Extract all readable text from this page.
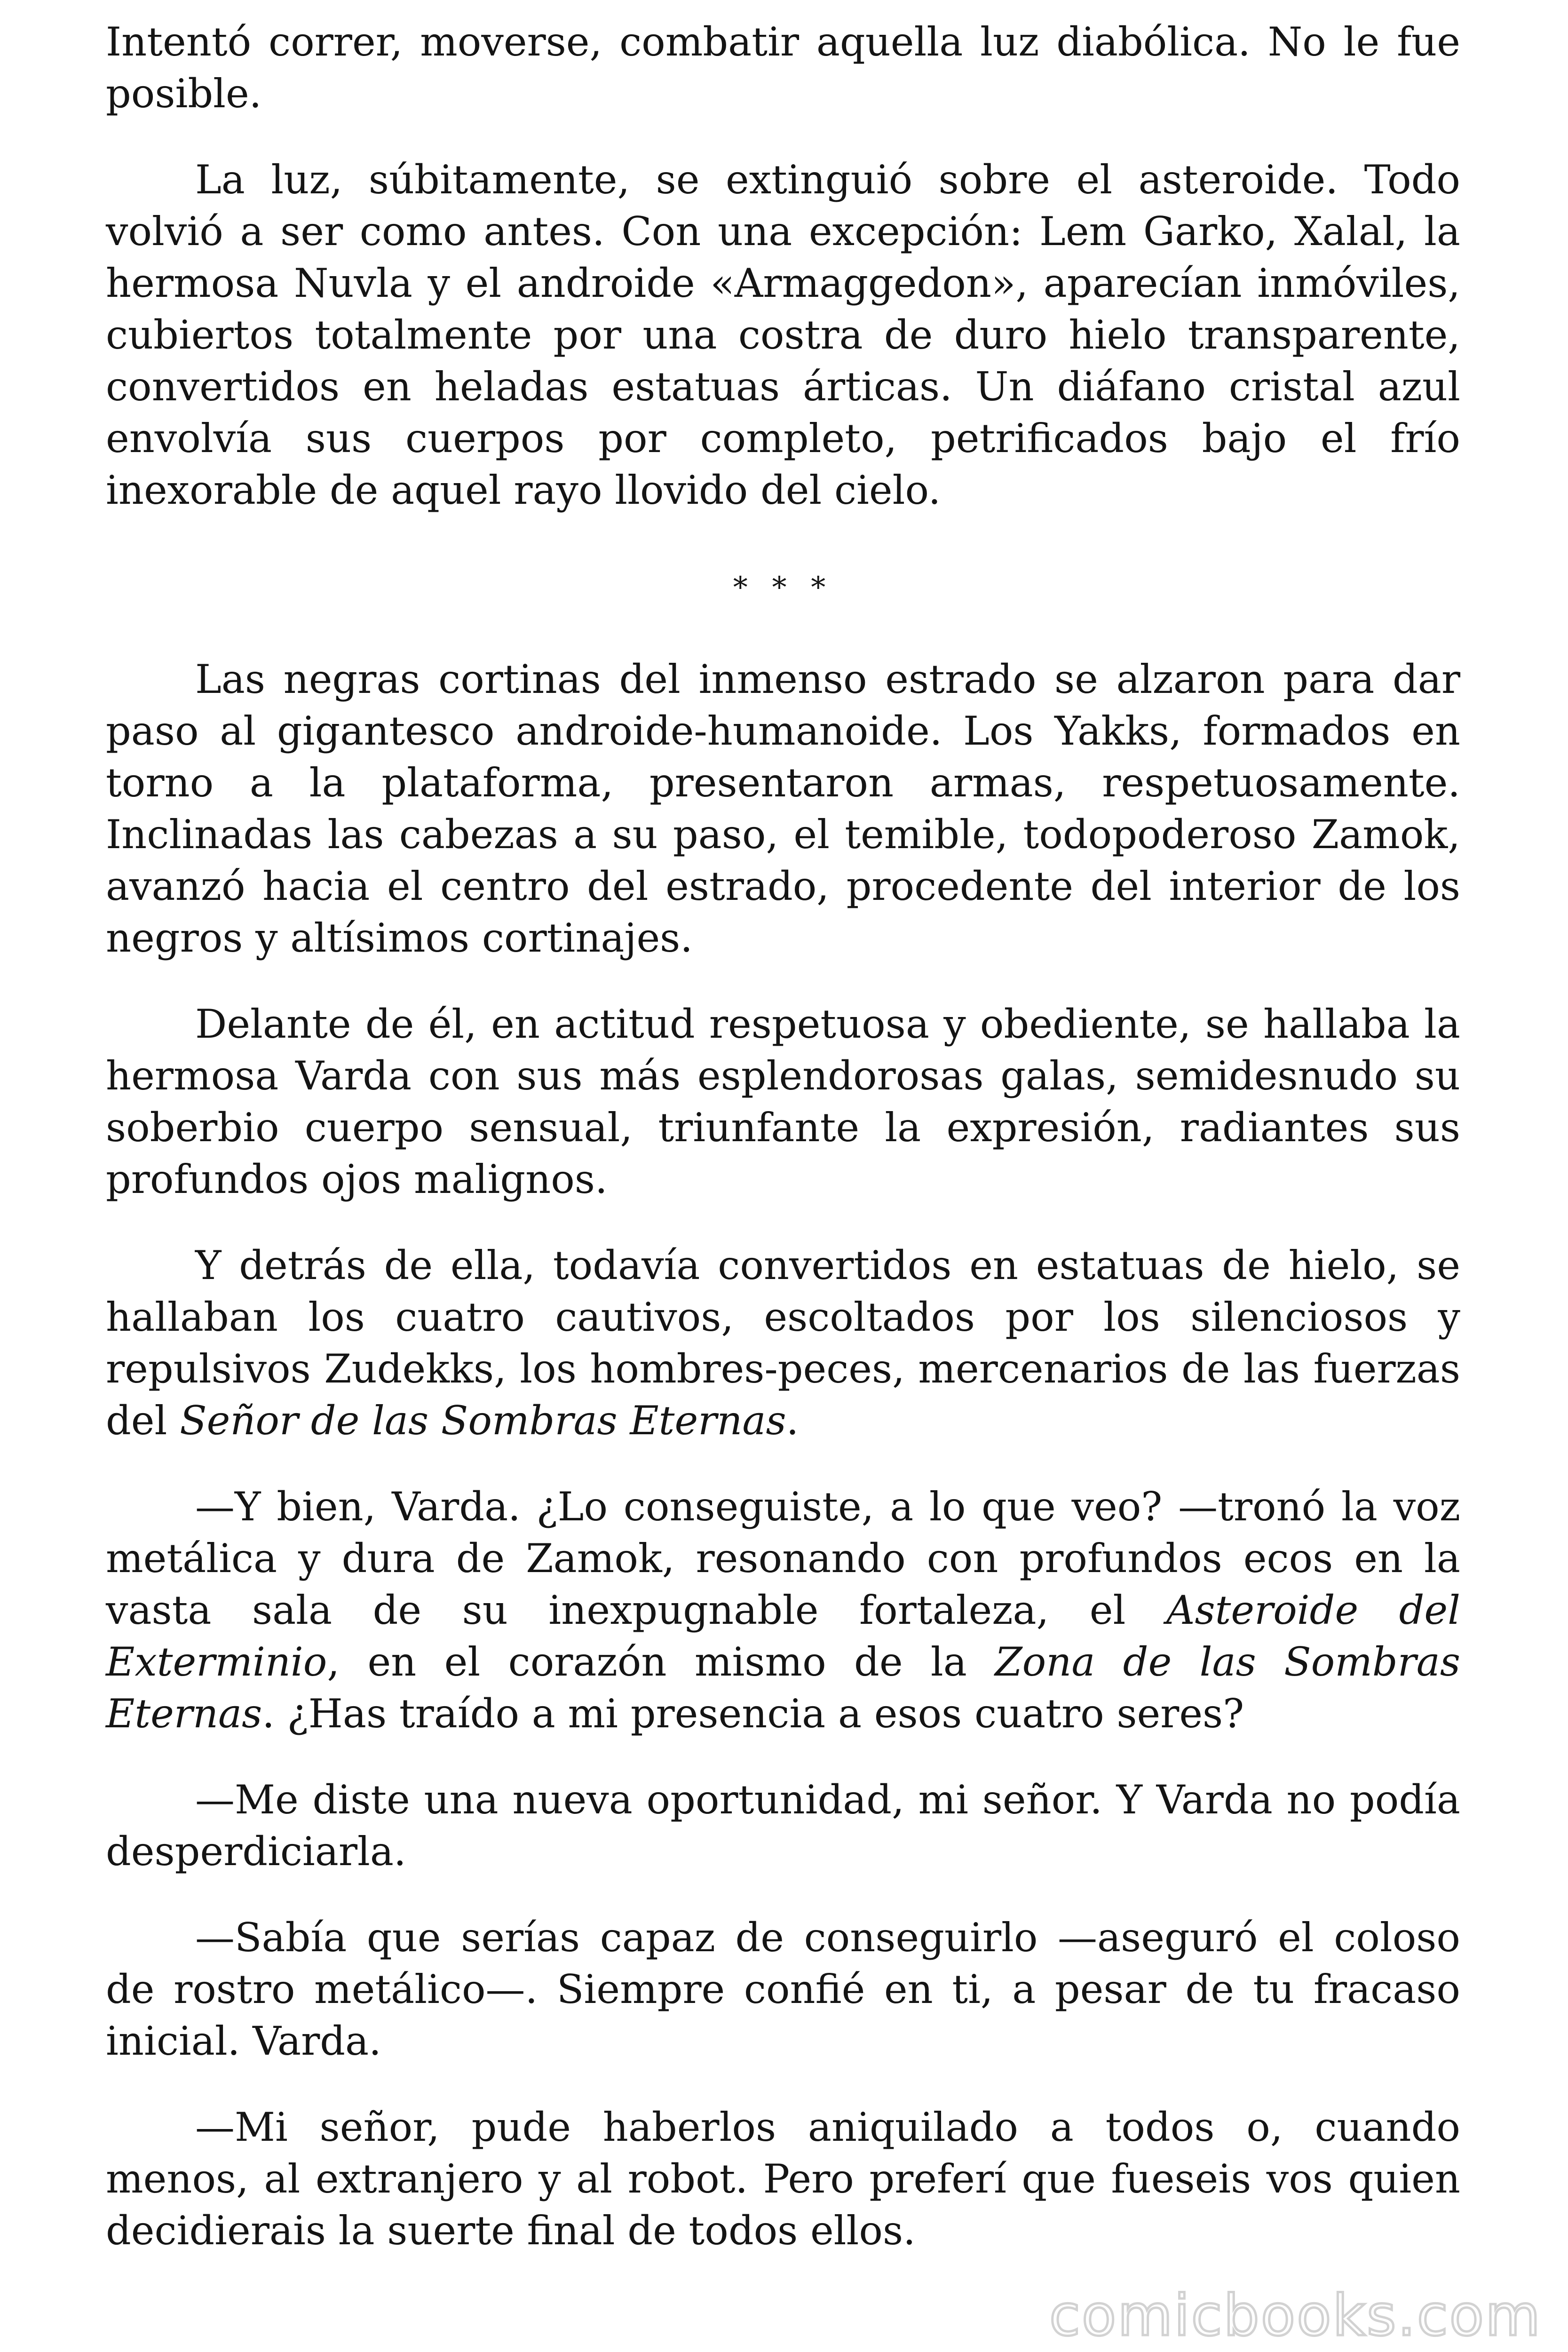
Intentó correr, moverse, combatir aquella luz diabólica. No le fue posible.

La luz, súbitamente, se extinguió sobre el asteroide. Todo volvió a ser como antes. Con una excepción: Lem Garko, Xalal, la hermosa Nuvla y el androide «Armaggedon», aparecían inmóviles, cubiertos totalmente por una costra de duro hielo transparente, convertidos en heladas estatuas árticas. Un diáfano cristal azul envolvía sus cuerpos por completo, petrificados bajo el frío inexorable de aquel rayo llovido del cielo.

* * *

Las negras cortinas del inmenso estrado se alzaron para dar paso al gigantesco androide-humanoide. Los Yakks, formados en torno a la plataforma, presentaron armas, respetuosamente. Inclinadas las cabezas a su paso, el temible, todopoderoso Zamok, avanzó hacia el centro del estrado, procedente del interior de los negros y altísimos cortinajes.

Delante de él, en actitud respetuosa y obediente, se hallaba la hermosa Varda con sus más esplendorosas galas, semidesnudo su soberbio cuerpo sensual, triunfante la expresión, radiantes sus profundos ojos malignos.

Y detrás de ella, todavía convertidos en estatuas de hielo, se hallaban los cuatro cautivos, escoltados por los silenciosos y repulsivos Zudekks, los hombres-peces, mercenarios de las fuerzas del Señor de las Sombras Eternas.

—Y bien, Varda. ¿Lo conseguiste, a lo que veo? —tronó la voz metálica y dura de Zamok, resonando con profundos ecos en la vasta sala de su inexpugnable fortaleza, el Asteroide del Exterminio, en el corazón mismo de la Zona de las Sombras Eternas. ¿Has traído a mi presencia a esos cuatro seres?

—Me diste una nueva oportunidad, mi señor. Y Varda no podía desperdiciarla.

—Sabía que serías capaz de conseguirlo —aseguró el coloso de rostro metálico—. Siempre confié en ti, a pesar de tu fracaso inicial. Varda.

—Mi señor, pude haberlos aniquilado a todos o, cuando menos, al extranjero y al robot. Pero preferí que fueseis vos quien decidierais la suerte final de todos ellos.

comicbooks.com
